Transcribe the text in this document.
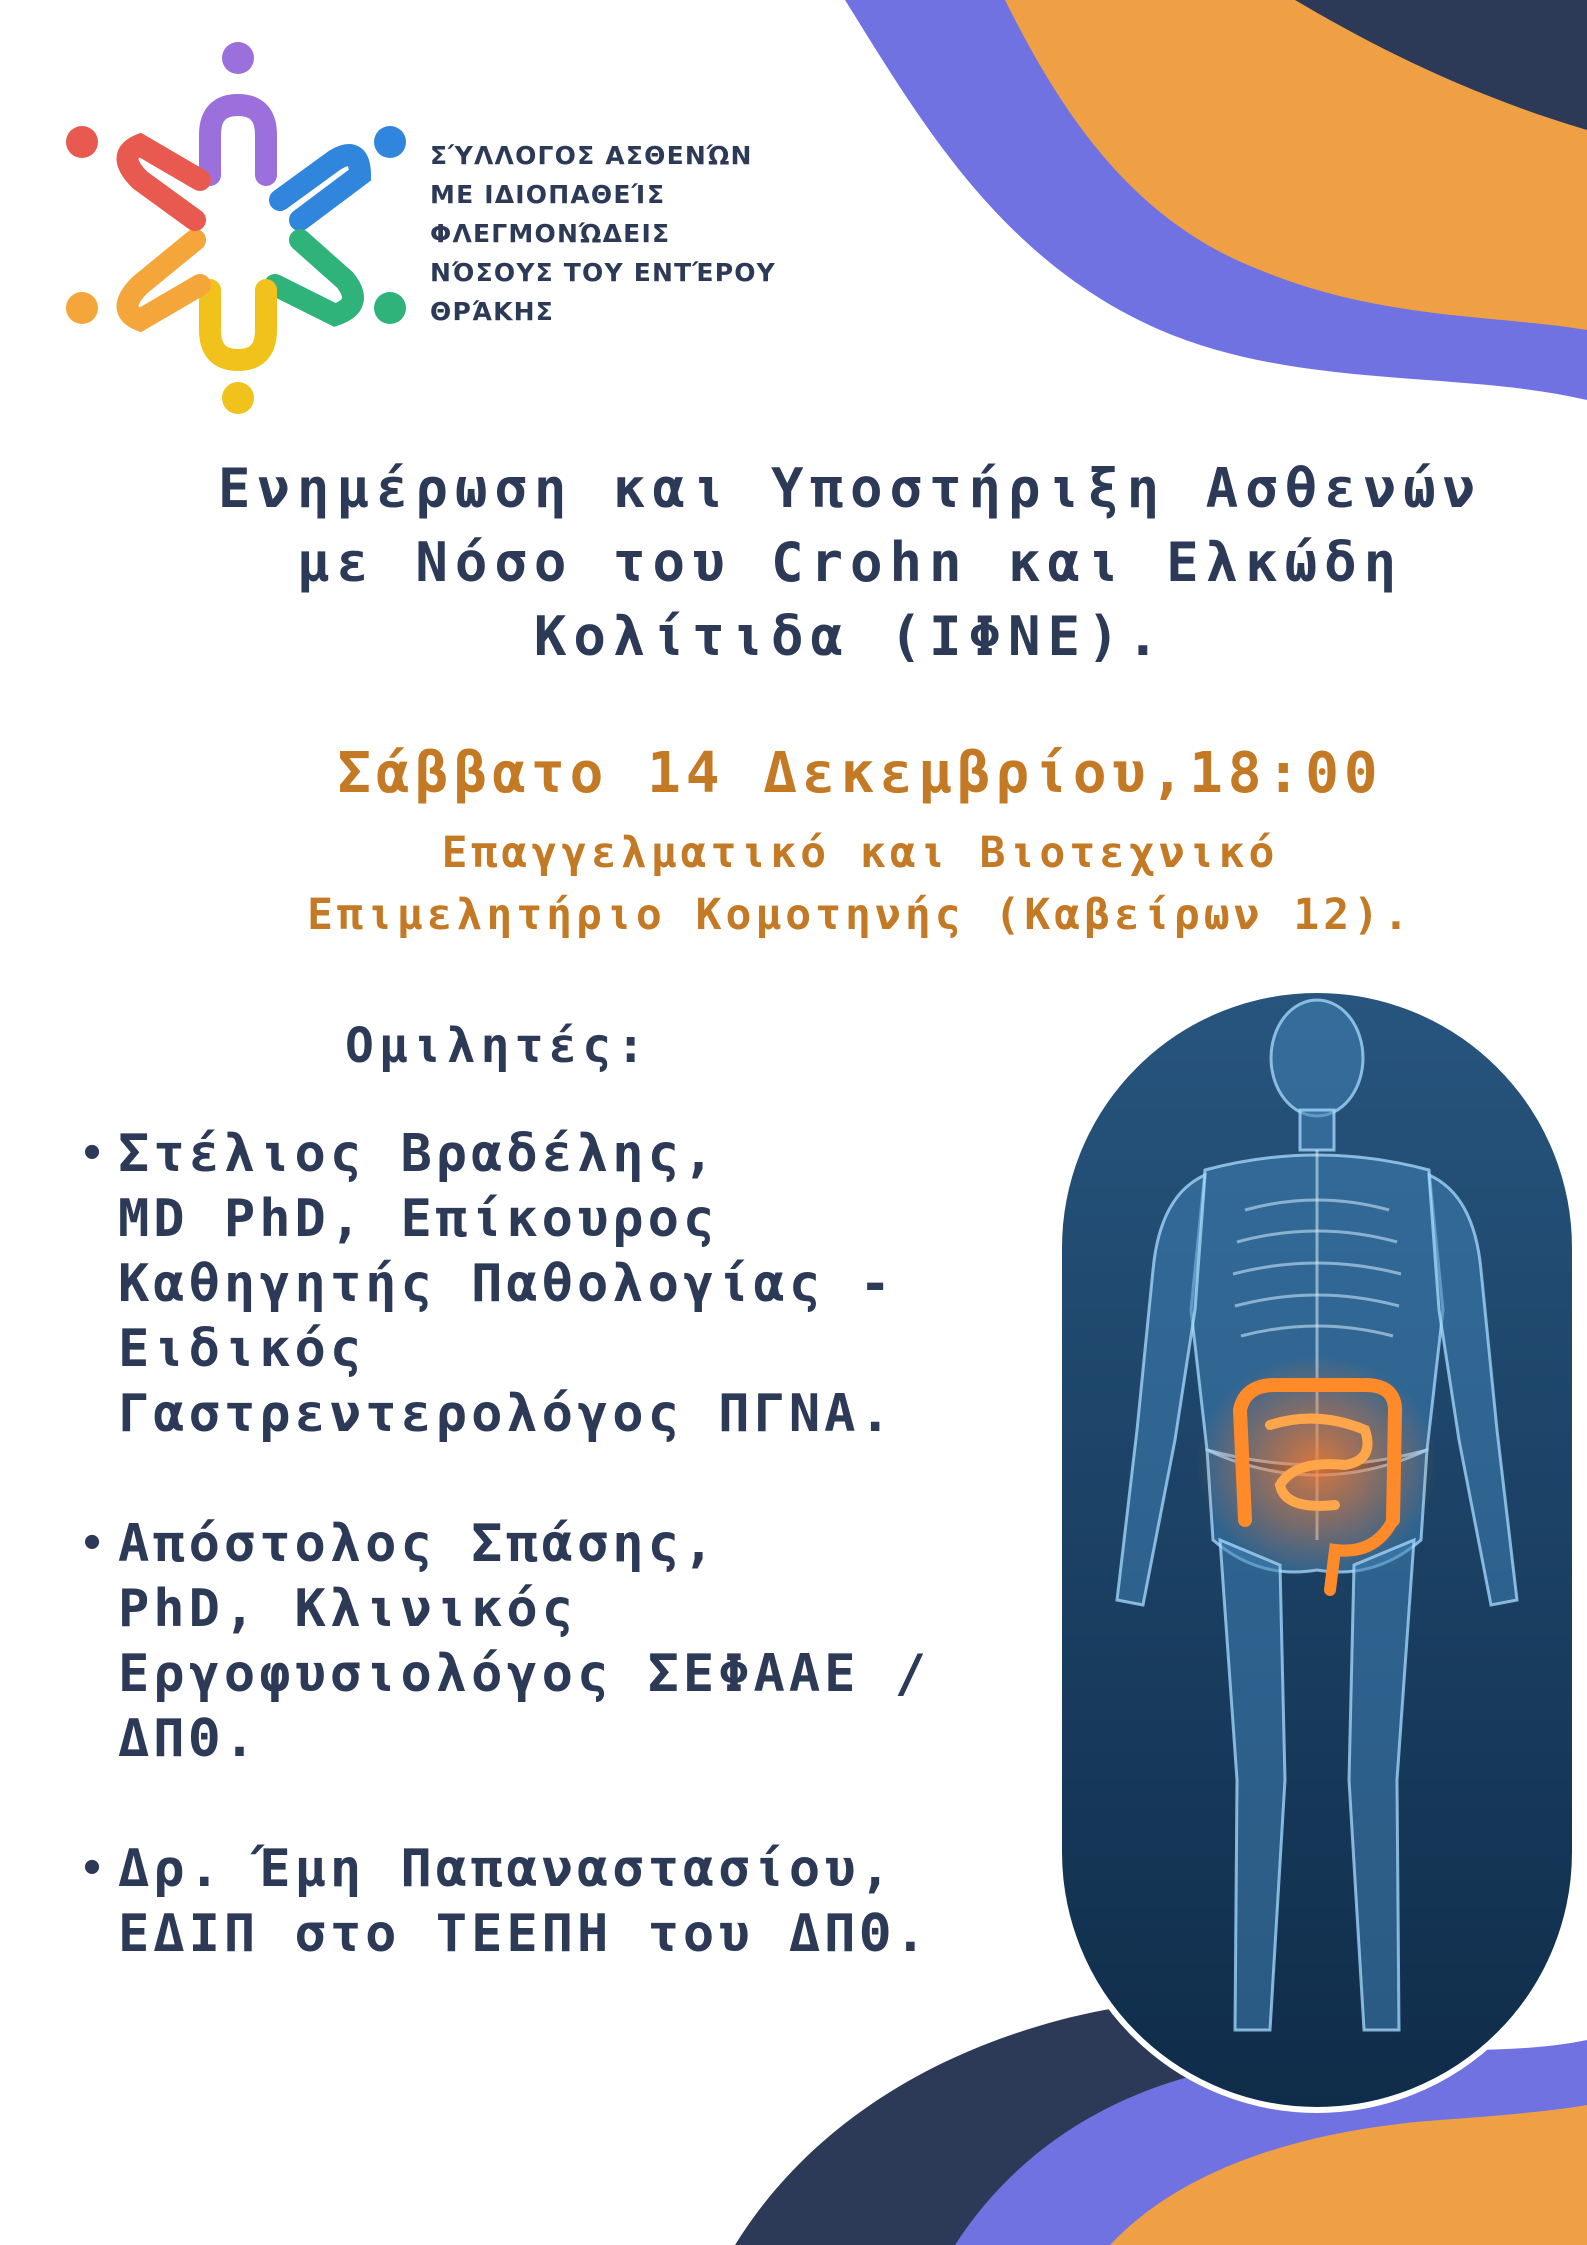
ΣΎΛΛΟΓΟΣ ΑΣΘΕΝΏΝ
ΜΕ ΙΔΙΟΠΑΘΕΊΣ
ΦΛΕΓΜΟΝΏΔΕΙΣ
ΝΌΣΟΥΣ ΤΟΥ ΕΝΤΈΡΟΥ
ΘΡΆΚΗΣ
Ενημέρωση και Υποστήριξη Ασθενών
με Νόσο του Crohn και Ελκώδη
Κολίτιδα (ΙΦΝΕ).

Σάββατο 14 Δεκεμβρίου,18:00

Επαγγελματικό και Βιοτεχνικό
Επιμελητήριο Κομοτηνής (Καβείρων 12).

Ομιλητές:
• Στέλιος Βραδέλης,
MD PhD, Επίκουρος
Καθηγητής Παθολογίας -
Ειδικός
Γαστρεντερολόγος ΠΓΝΑ.
• Απόστολος Σπάσης,
PhD, Κλινικός
Εργοφυσιολόγος ΣΕΦΑΑΕ /
ΔΠΘ.
• Δρ. Έμη Παπαναστασίου,
ΕΔΙΠ στο ΤΕΕΠΗ του ΔΠΘ.
